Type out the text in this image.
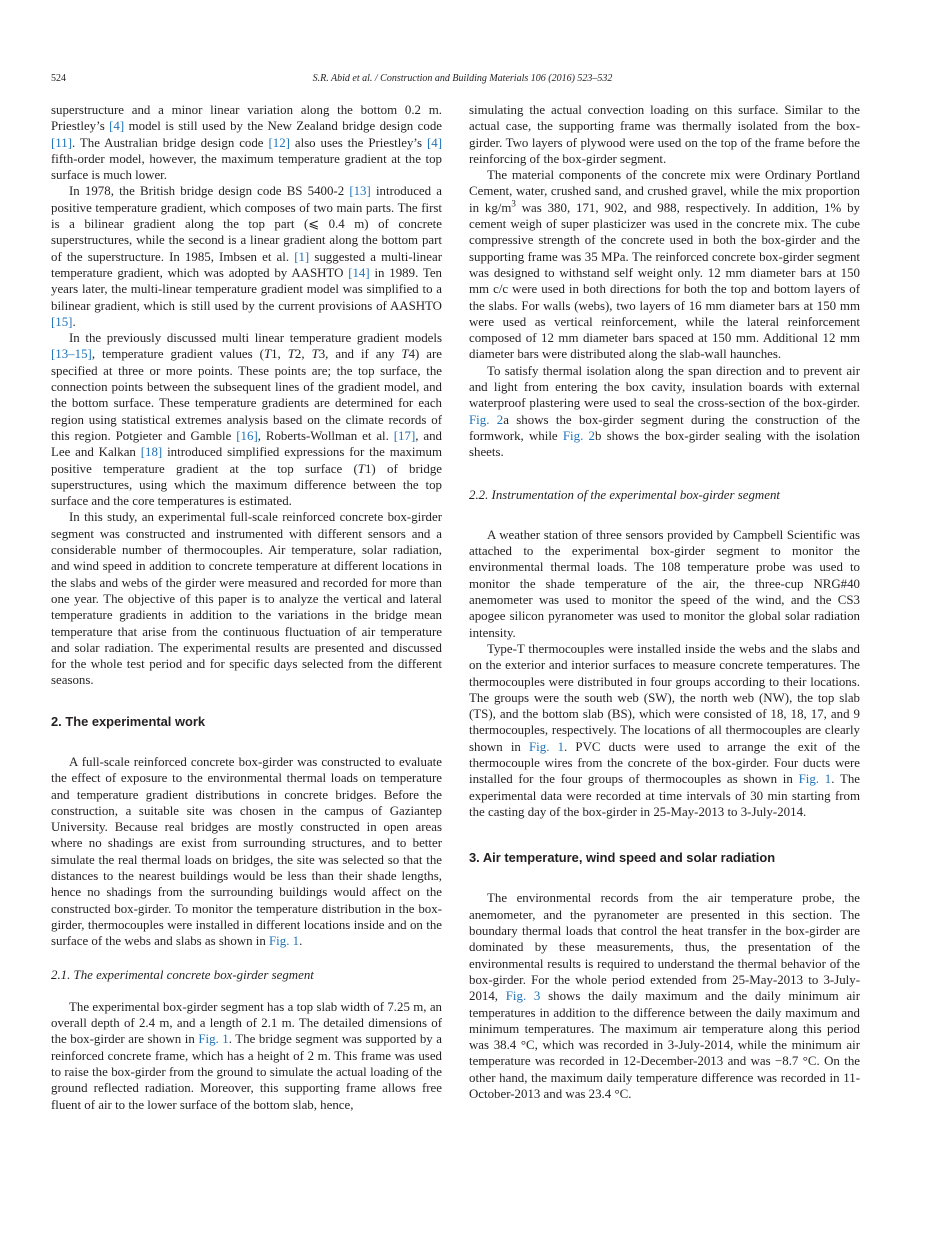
524	S.R. Abid et al. / Construction and Building Materials 106 (2016) 523–532

superstructure and a minor linear variation along the bottom 0.2 m. Priestley’s [4] model is still used by the New Zealand bridge design code [11]. The Australian bridge design code [12] also uses the Priestley’s [4] fifth-order model, however, the maximum temperature gradient at the top surface is much lower.

In 1978, the British bridge design code BS 5400-2 [13] introduced a positive temperature gradient, which composes of two main parts. The first is a bilinear gradient along the top part (⩽ 0.4 m) of concrete superstructures, while the second is a linear gradient along the bottom part of the superstructure. In 1985, Imbsen et al. [1] suggested a multi-linear temperature gradient, which was adopted by AASHTO [14] in 1989. Ten years later, the multi-linear temperature gradient model was simplified to a bilinear gradient, which is still used by the current provisions of AASHTO [15].

In the previously discussed multi linear temperature gradient models [13–15], temperature gradient values (T1, T2, T3, and if any T4) are specified at three or more points. These points are; the top surface, the connection points between the subsequent lines of the gradient model, and the bottom surface. These temperature gradients are determined for each region using statistical extremes analysis based on the climate records of this region. Potgieter and Gamble [16], Roberts-Wollman et al. [17], and Lee and Kalkan [18] introduced simplified expressions for the maximum positive temperature gradient at the top surface (T1) of bridge superstructures, using which the maximum difference between the top surface and the core temperatures is estimated.

In this study, an experimental full-scale reinforced concrete box-girder segment was constructed and instrumented with different sensors and a considerable number of thermocouples. Air temperature, solar radiation, and wind speed in addition to concrete temperature at different locations in the slabs and webs of the girder were measured and recorded for more than one year. The objective of this paper is to analyze the vertical and lateral temperature gradients in addition to the variations in the bridge mean temperature that arise from the continuous fluctuation of air temperature and solar radiation. The experimental results are presented and discussed for the whole test period and for specific days selected from the different seasons.

2. The experimental work

A full-scale reinforced concrete box-girder was constructed to evaluate the effect of exposure to the environmental thermal loads on temperature and temperature gradient distributions in concrete bridges. Before the construction, a suitable site was chosen in the campus of Gaziantep University. Because real bridges are mostly constructed in open areas where no shadings are exist from surrounding structures, and to better simulate the real thermal loads on bridges, the site was selected so that the distances to the nearest buildings would be less than their shade lengths, hence no shadings from the surrounding buildings would affect on the constructed box-girder. To monitor the temperature distribution in the box-girder, thermocouples were installed in different locations inside and on the surface of the webs and slabs as shown in Fig. 1.

2.1. The experimental concrete box-girder segment

The experimental box-girder segment has a top slab width of 7.25 m, an overall depth of 2.4 m, and a length of 2.1 m. The detailed dimensions of the box-girder are shown in Fig. 1. The bridge segment was supported by a reinforced concrete frame, which has a height of 2 m. This frame was used to raise the box-girder from the ground to simulate the actual loading of the ground reflected radiation. Moreover, this supporting frame allows free fluent of air to the lower surface of the bottom slab, hence,

simulating the actual convection loading on this surface. Similar to the actual case, the supporting frame was thermally isolated from the box-girder. Two layers of plywood were used on the top of the frame before the reinforcing of the box-girder segment.

The material components of the concrete mix were Ordinary Portland Cement, water, crushed sand, and crushed gravel, while the mix proportion in $kg/m^3$ was 380, 171, 902, and 988, respectively. In addition, 1% by cement weigh of super plasticizer was used in the concrete mix. The cube compressive strength of the concrete used in both the box-girder and the supporting frame was 35 MPa. The reinforced concrete box-girder segment was designed to withstand self weight only. 12 mm diameter bars at 150 mm c/c were used in both directions for both the top and bottom layers of the slabs. For walls (webs), two layers of 16 mm diameter bars at 150 mm were used as vertical reinforcement, while the lateral reinforcement composed of 12 mm diameter bars spaced at 150 mm. Additional 12 mm diameter bars were distributed along the slab-wall haunches.

To satisfy thermal isolation along the span direction and to prevent air and light from entering the box cavity, insulation boards with external waterproof plastering were used to seal the cross-section of the box-girder. Fig. 2a shows the box-girder segment during the construction of the formwork, while Fig. 2b shows the box-girder sealing with the isolation sheets.

2.2. Instrumentation of the experimental box-girder segment

A weather station of three sensors provided by Campbell Scientific was attached to the experimental box-girder segment to monitor the environmental thermal loads. The 108 temperature probe was used to monitor the shade temperature of the air, the three-cup NRG#40 anemometer was used to monitor the speed of the wind, and the CS3 apogee silicon pyranometer was used to monitor the global solar radiation intensity.

Type-T thermocouples were installed inside the webs and the slabs and on the exterior and interior surfaces to measure concrete temperatures. The thermocouples were distributed in four groups according to their locations. The groups were the south web (SW), the north web (NW), the top slab (TS), and the bottom slab (BS), which were consisted of 18, 18, 17, and 9 thermocouples, respectively. The locations of all thermocouples are clearly shown in Fig. 1. PVC ducts were used to arrange the exit of the thermocouple wires from the concrete of the box-girder. Four ducts were installed for the four groups of thermocouples as shown in Fig. 1. The experimental data were recorded at time intervals of 30 min starting from the casting day of the box-girder in 25-May-2013 to 3-July-2014.

3. Air temperature, wind speed and solar radiation

The environmental records from the air temperature probe, the anemometer, and the pyranometer are presented in this section. The boundary thermal loads that control the heat transfer in the box-girder are dominated by these measurements, thus, the presentation of the environmental results is required to understand the thermal behavior of the box-girder. For the whole period extended from 25-May-2013 to 3-July-2014, Fig. 3 shows the daily maximum and the daily minimum air temperatures in addition to the difference between the daily maximum and minimum temperatures. The maximum air temperature along this period was 38.4 °C, which was recorded in 3-July-2014, while the minimum air temperature was recorded in 12-December-2013 and was −8.7 °C. On the other hand, the maximum daily temperature difference was recorded in 11-October-2013 and was 23.4 °C.
